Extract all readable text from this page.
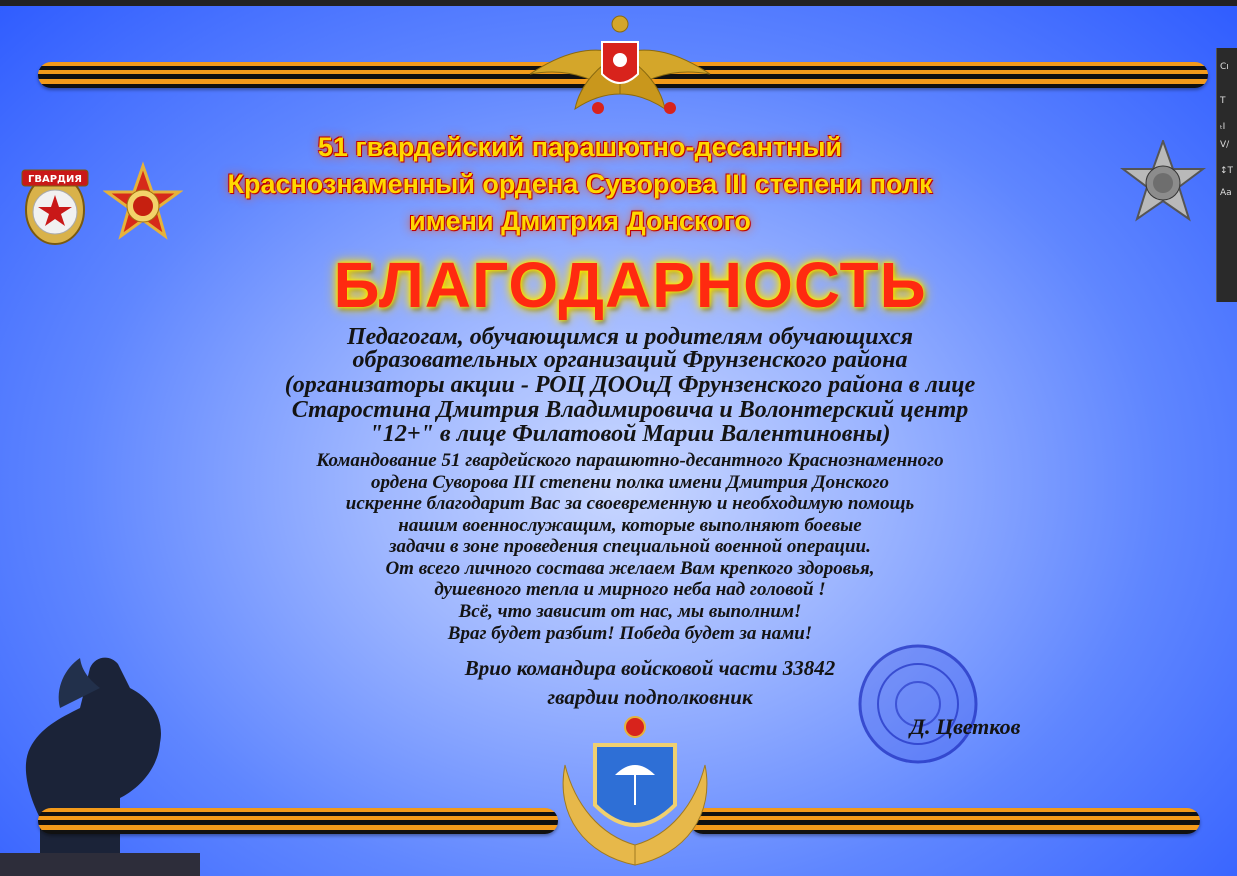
ГВАРДИЯ
51 гвардейский парашютно-десантный
Краснознаменный ордена Суворова III степени полк
имени Дмитрия Донского
БЛАГОДАРНОСТЬ
Педагогам, обучающимся и родителям обучающихся
образовательных организаций Фрунзенского района
(организаторы акции - РОЦ ДООиД Фрунзенского района в лице
Старостина Дмитрия Владимировича и Волонтерский центр
"12+" в лице Филатовой Марии Валентиновны)
Командование 51 гвардейского парашютно-десантного Краснознаменного
ордена Суворова III степени полка имени Дмитрия Донского
искренне благодарит Вас за своевременную и необходимую помощь
нашим военнослужащим, которые выполняют боевые
задачи в зоне проведения специальной военной операции.
От всего личного состава желаем Вам крепкого здоровья,
душевного тепла и мирного неба над головой !
Всё, что зависит от нас, мы выполним!
Враг будет разбит! Победа будет за нами!
Врио командира войсковой части 33842
гвардии подполковник
Д. Цветков
Cı
Т
ₜI
V/
↕T
Aa
